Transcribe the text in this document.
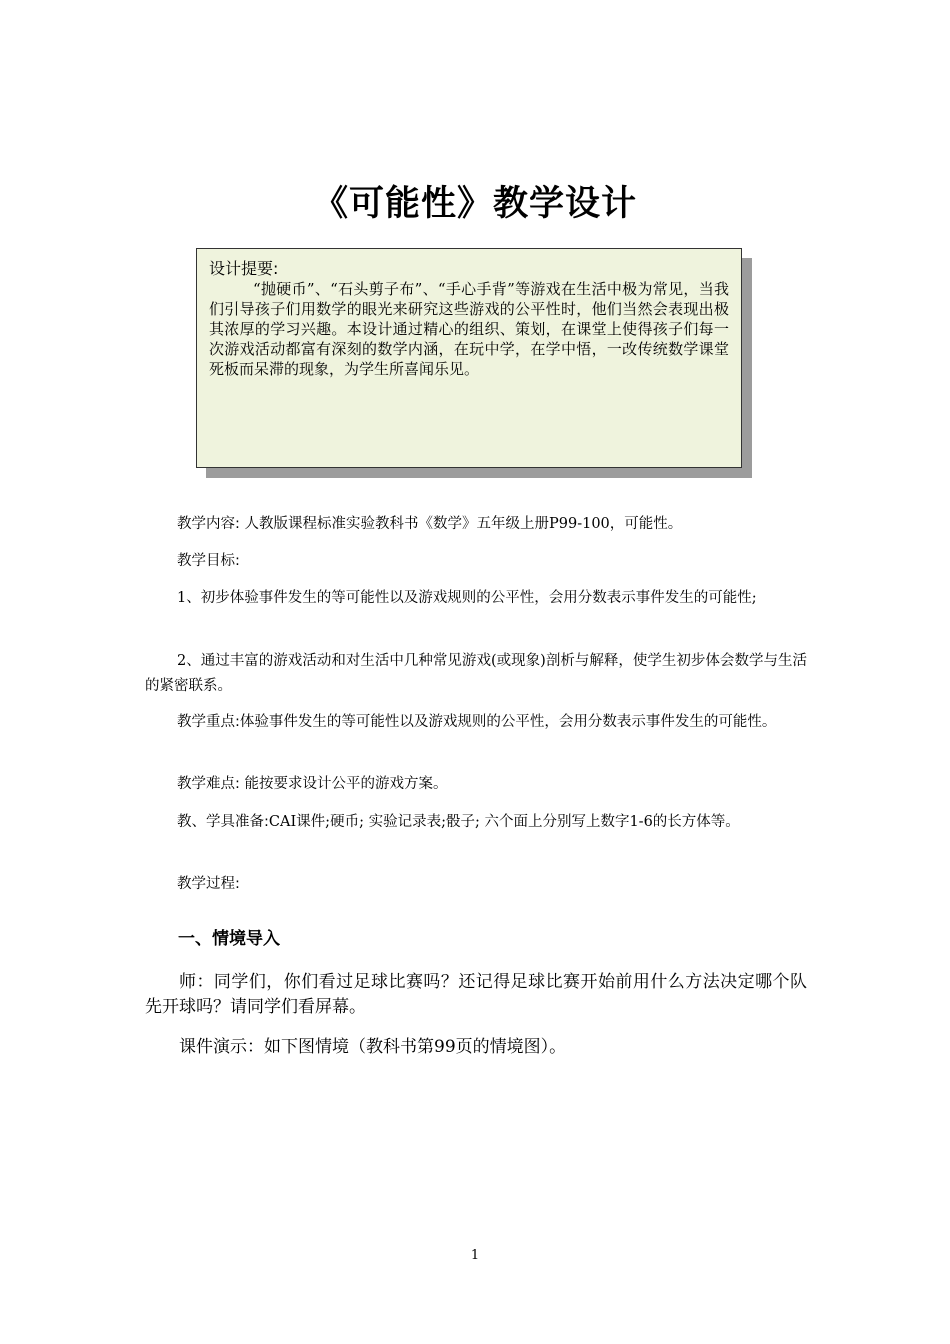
《可能性》教学设计

设计提要:

“抛硬币”、“石头剪子布”、“手心手背”等游戏在生活中极为常见，当我们引导孩子们用数学的眼光来研究这些游戏的公平性时，他们当然会表现出极其浓厚的学习兴趣。本设计通过精心的组织、策划，在课堂上使得孩子们每一次游戏活动都富有深刻的数学内涵，在玩中学，在学中悟，一改传统数学课堂死板而呆滞的现象，为学生所喜闻乐见。

教学内容: 人教版课程标准实验教科书《数学》五年级上册P99-100，可能性。

教学目标:

1、初步体验事件发生的等可能性以及游戏规则的公平性，会用分数表示事件发生的可能性;

2、通过丰富的游戏活动和对生活中几种常见游戏(或现象)剖析与解释，使学生初步体会数学与生活的紧密联系。

教学重点:体验事件发生的等可能性以及游戏规则的公平性，会用分数表示事件发生的可能性。

教学难点: 能按要求设计公平的游戏方案。

教、学具准备:CAI课件;硬币; 实验记录表;骰子; 六个面上分别写上数字1-6的长方体等。

教学过程:

一、情境导入

师：同学们，你们看过足球比赛吗？还记得足球比赛开始前用什么方法决定哪个队先开球吗？请同学们看屏幕。

课件演示：如下图情境（教科书第99页的情境图）。

1
